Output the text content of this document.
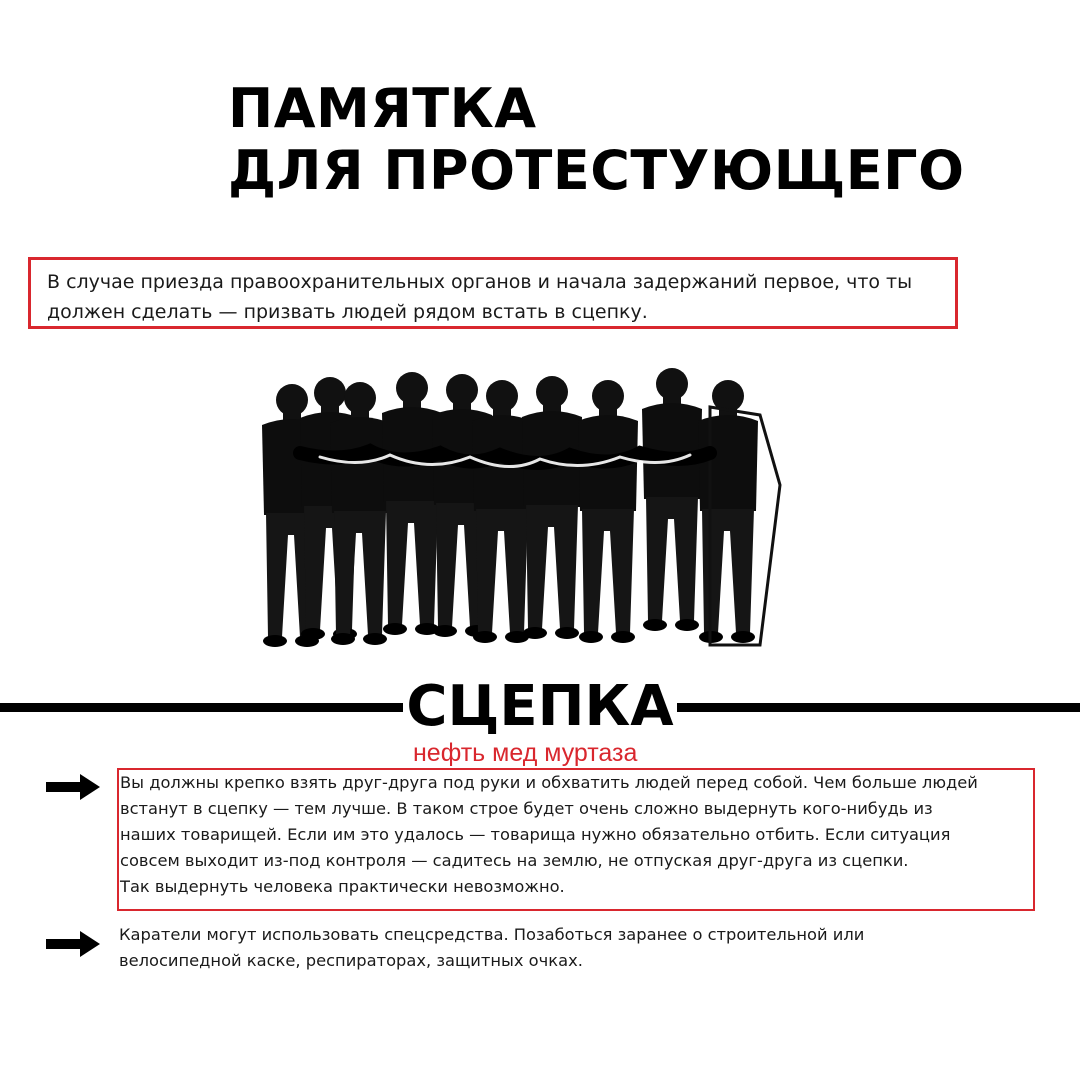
ПАМЯТКА
ДЛЯ ПРОТЕСТУЮЩЕГО
В случае приезда правоохранительных органов и начала задержаний первое, что ты
должен сделать — призвать людей рядом встать в сцепку.
СЦЕПКА
нефть мед муртаза
Вы должны крепко взять друг-друга под руки и обхватить людей перед собой. Чем больше людей
встанут в сцепку — тем лучше. В таком строе будет очень сложно выдернуть кого-нибудь из
наших товарищей. Если им это удалось — товарища нужно обязательно отбить. Если ситуация
совсем выходит из-под контроля — садитесь на землю, не отпуская друг-друга из сцепки.
Так выдернуть человека практически невозможно.
Каратели могут использовать спецсредства. Позаботься заранее о строительной или
велосипедной каске, респираторах, защитных очках.
